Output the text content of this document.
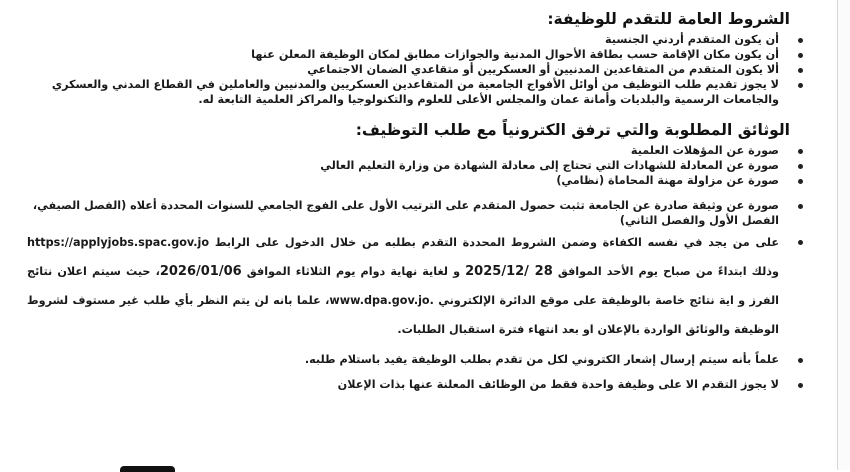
الشروط العامة للتقدم للوظيفة:
أن يكون المتقدم أردني الجنسية
أن يكون مكان الإقامة حسب بطاقة الأحوال المدنية والجوازات مطابق لمكان الوظيفة المعلن عنها
ألا يكون المتقدم من المتقاعدين المدنيين أو العسكريين أو متقاعدي الضمان الاجتماعي
لا يجوز تقديم طلب التوظيف من أوائل الأفواج الجامعية من المتقاعدين العسكريين والمدنيين والعاملين في القطاع المدني والعسكري والجامعات الرسمية والبلديات وأمانة عمان والمجلس الأعلى للعلوم والتكنولوجيا والمراكز العلمية التابعة له.
الوثائق المطلوبة والتي ترفق الكترونياً مع طلب التوظيف:
صورة عن المؤهلات العلمية
صورة عن المعادلة للشهادات التي تحتاج إلى معادلة الشهادة من وزارة التعليم العالي
صورة عن مزاولة مهنة المحاماة (نظامي)
صورة عن وثيقة صادرة عن الجامعة تثبت حصول المتقدم على الترتيب الأول على الفوج الجامعي للسنوات المحددة أعلاه (الفصل الصيفي، الفصل الأول والفصل الثاني)
على من يجد في نفسه الكفاءة وضمن الشروط المحددة التقدم بطلبه من خلال الدخول على الرابط https://applyjobs.spac.gov.jo وذلك ابتداءً من صباح يوم الأحد الموافق 2025/12/ 28 و لغاية نهاية دوام يوم الثلاثاء الموافق 2026/01/06، حيث سيتم اعلان نتائج الفرز و اية نتائج خاصة بالوظيفة على موقع الدائرة الإلكتروني www.dpa.gov.jo.، علما بانه لن يتم النظر بأي طلب غير مستوف لشروط الوظيفة والوثائق الواردة بالإعلان او بعد انتهاء فترة استقبال الطلبات.
علماً بأنه سيتم إرسال إشعار الكتروني لكل من تقدم بطلب الوظيفة يفيد باستلام طلبه.
لا يجوز التقدم الا على وظيفة واحدة فقط من الوظائف المعلنة عنها بذات الإعلان
